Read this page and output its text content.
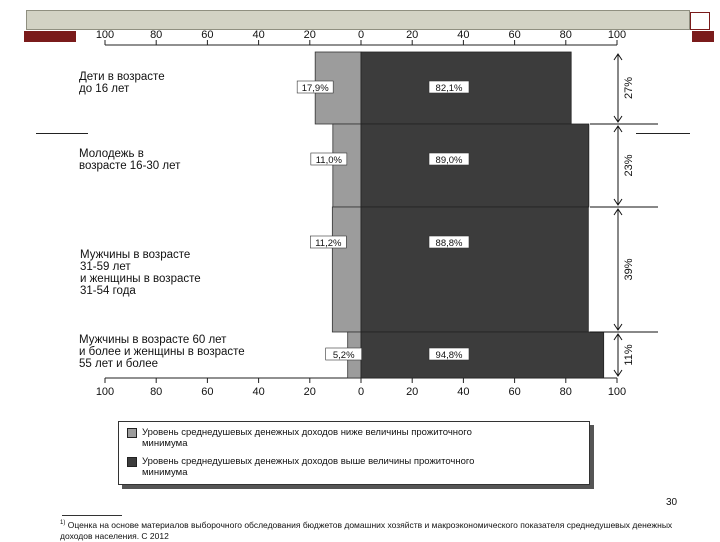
100	80	60	40	20	0	20	40	60	80	100
100	80	60	40	20	0	20	40	60	80	100
17,9%	82,1%
11,0%	89,0%
11,2%	88,8%
5,2%	94,8%
27%
23%
39%
11%
Дети в возрасте
до 16 лет
Молодежь в
возрасте 16-30 лет
Мужчины в возрасте
31-59 лет
и женщины в возрасте
31-54 года
Мужчины в возрасте 60 лет
и более и женщины в возрасте
55 лет и более
Уровень среднедушевых денежных доходов ниже величины прожиточного
минимума
Уровень среднедушевых денежных доходов выше величины прожиточного
минимума
30
$^{1)}$ Оценка на основе материалов выборочного обследования бюджетов домашних хозяйств и макроэкономического показателя среднедушевых денежных доходов населения. С 2012
